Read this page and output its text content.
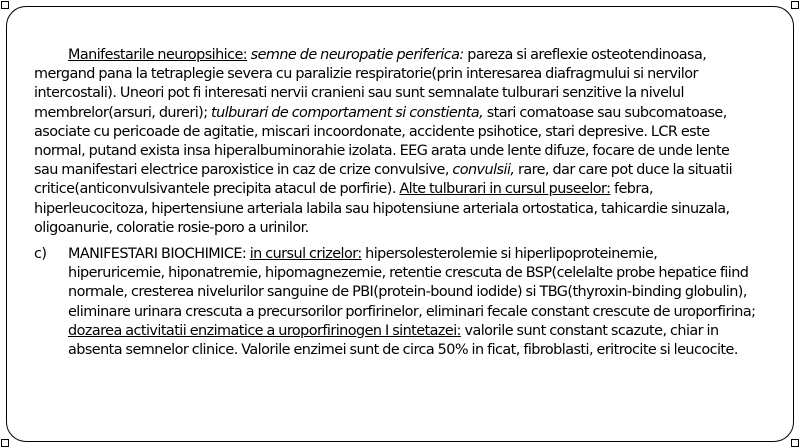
Manifestarile neuropsihice: semne de neuropatie periferica: pareza si areflexie osteotendinoasa, mergand pana la tetraplegie severa cu paralizie respiratorie(prin interesarea diafragmului si nervilor intercostali). Uneori pot fi interesati nervii cranieni sau sunt semnalate tulburari senzitive la nivelul membrelor(arsuri, dureri); tulburari de comportament si constienta, stari comatoase sau subcomatoase, asociate cu pericoade de agitatie, miscari incoordonate, accidente psihotice, stari depresive. LCR este normal, putand exista insa hiperalbuminorahie izolata. EEG arata unde lente difuze, focare de unde lente sau manifestari electrice paroxistice in caz de crize convulsive, convulsii, rare, dar care pot duce la situatii critice(anticonvulsivantele precipita atacul de porfirie). Alte tulburari in cursul puseelor: febra, hiperleucocitoza, hipertensiune arteriala labila sau hipotensiune arteriala ortostatica, tahicardie sinuzala, oligoanurie, coloratie rosie-poro a urinilor.

c) MANIFESTARI BIOCHIMICE: in cursul crizelor: hipersolesterolemie si hiperlipoproteinemie, hiperuricemie, hiponatremie, hipomagnezemie, retentie crescuta de BSP(celelalte probe hepatice fiind normale, cresterea nivelurilor sanguine de PBI(protein-bound iodide) si TBG(thyroxin-binding globulin), eliminare urinara crescuta a precursorilor porfirinelor, eliminari fecale constant crescute de uroporfirina; dozarea activitatii enzimatice a uroporfirinogen I sintetazei: valorile sunt constant scazute, chiar in absenta semnelor clinice. Valorile enzimei sunt de circa 50% in ficat, fibroblasti, eritrocite si leucocite.
